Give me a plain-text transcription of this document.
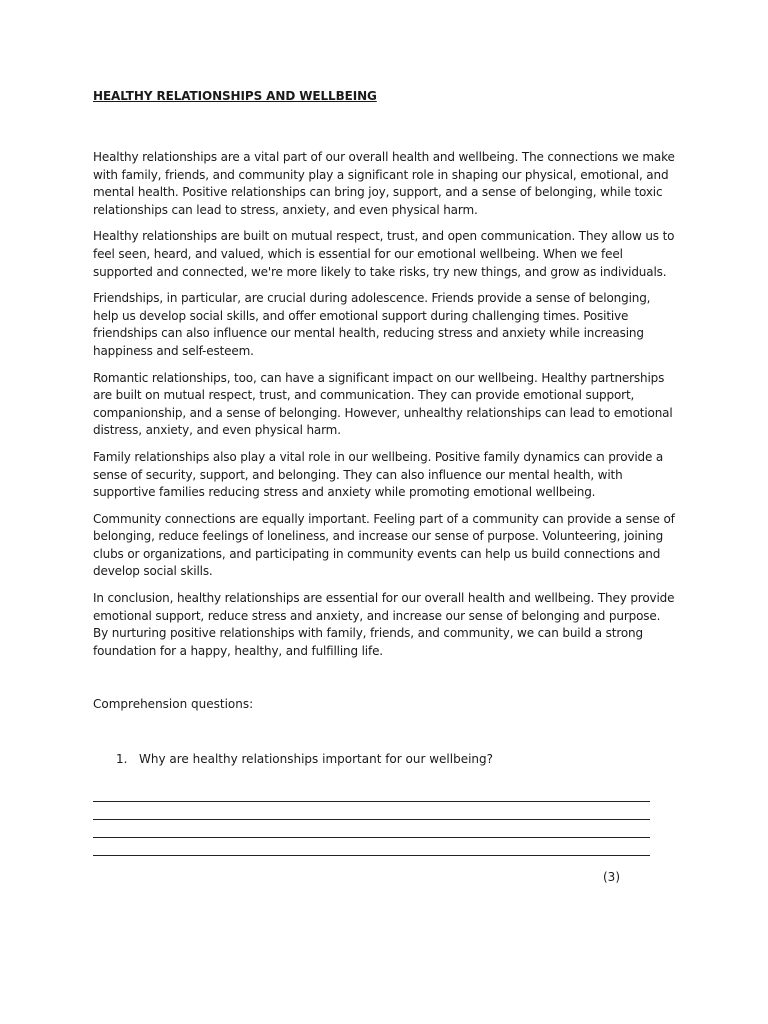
HEALTHY RELATIONSHIPS AND WELLBEING

Healthy relationships are a vital part of our overall health and wellbeing. The connections we make with family, friends, and community play a significant role in shaping our physical, emotional, and mental health. Positive relationships can bring joy, support, and a sense of belonging, while toxic relationships can lead to stress, anxiety, and even physical harm.

Healthy relationships are built on mutual respect, trust, and open communication. They allow us to feel seen, heard, and valued, which is essential for our emotional wellbeing. When we feel supported and connected, we're more likely to take risks, try new things, and grow as individuals.

Friendships, in particular, are crucial during adolescence. Friends provide a sense of belonging, help us develop social skills, and offer emotional support during challenging times. Positive friendships can also influence our mental health, reducing stress and anxiety while increasing happiness and self-esteem.

Romantic relationships, too, can have a significant impact on our wellbeing. Healthy partnerships are built on mutual respect, trust, and communication. They can provide emotional support, companionship, and a sense of belonging. However, unhealthy relationships can lead to emotional distress, anxiety, and even physical harm.

Family relationships also play a vital role in our wellbeing. Positive family dynamics can provide a sense of security, support, and belonging. They can also influence our mental health, with supportive families reducing stress and anxiety while promoting emotional wellbeing.

Community connections are equally important. Feeling part of a community can provide a sense of belonging, reduce feelings of loneliness, and increase our sense of purpose. Volunteering, joining clubs or organizations, and participating in community events can help us build connections and develop social skills.

In conclusion, healthy relationships are essential for our overall health and wellbeing. They provide emotional support, reduce stress and anxiety, and increase our sense of belonging and purpose. By nurturing positive relationships with family, friends, and community, we can build a strong foundation for a happy, healthy, and fulfilling life.

Comprehension questions:

1. Why are healthy relationships important for our wellbeing?
(3)
